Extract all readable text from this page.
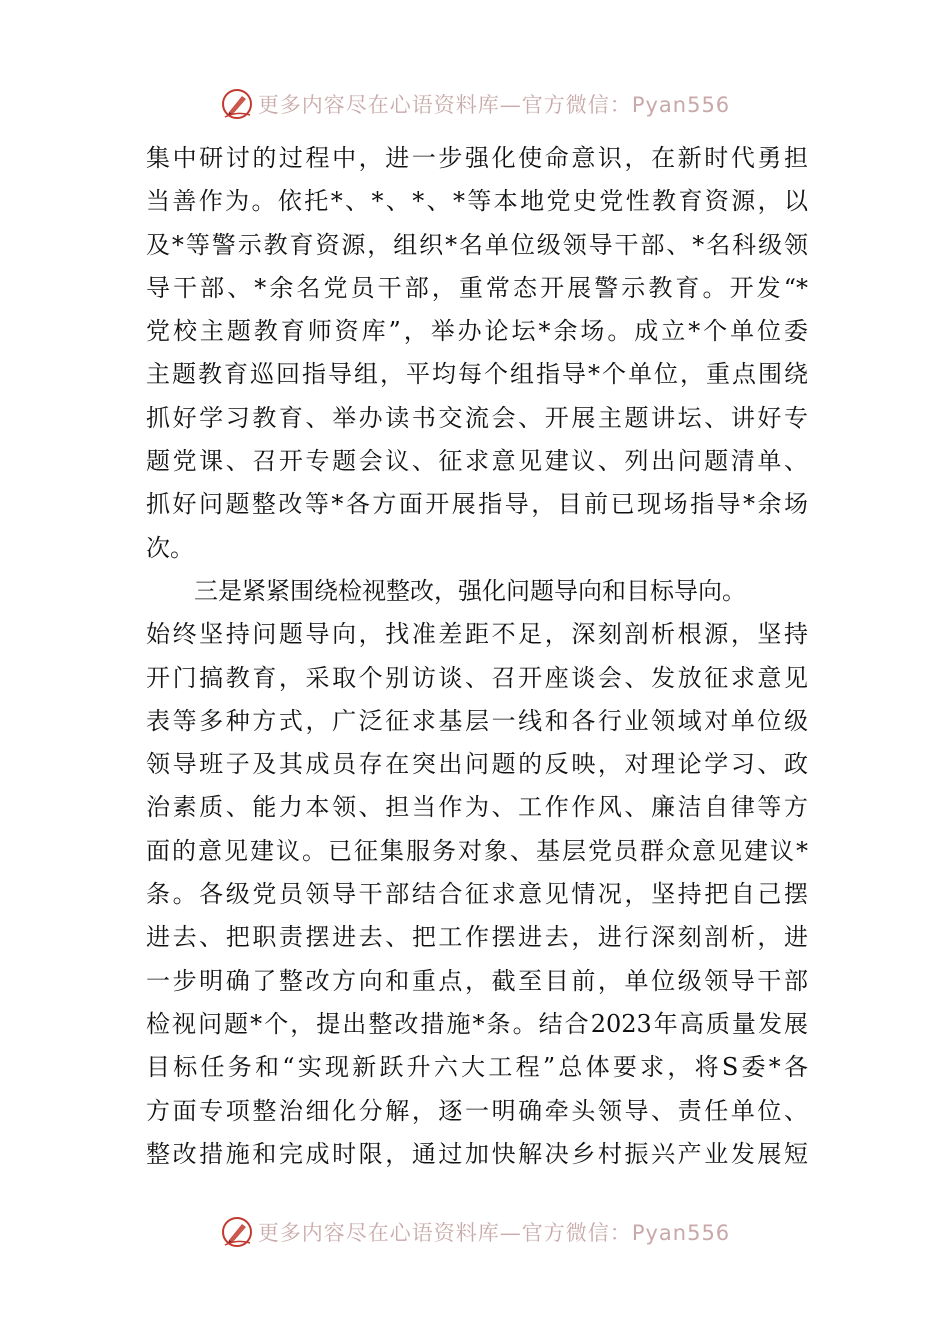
更多内容尽在心语资料库—官方微信：Pyan556
集中研讨的过程中，进一步强化使命意识，在新时代勇担
当善作为。依托*、*、*、*等本地党史党性教育资源，以
及*等警示教育资源，组织*名单位级领导干部、*名科级领
导干部、*余名党员干部，重常态开展警示教育。开发“*
党校主题教育师资库”，举办论坛*余场。成立*个单位委
主题教育巡回指导组，平均每个组指导*个单位，重点围绕
抓好学习教育、举办读书交流会、开展主题讲坛、讲好专
题党课、召开专题会议、征求意见建议、列出问题清单、
抓好问题整改等*各方面开展指导，目前已现场指导*余场
次。
三是紧紧围绕检视整改，强化问题导向和目标导向。
始终坚持问题导向，找准差距不足，深刻剖析根源，坚持
开门搞教育，采取个别访谈、召开座谈会、发放征求意见
表等多种方式，广泛征求基层一线和各行业领域对单位级
领导班子及其成员存在突出问题的反映，对理论学习、政
治素质、能力本领、担当作为、工作作风、廉洁自律等方
面的意见建议。已征集服务对象、基层党员群众意见建议*
条。各级党员领导干部结合征求意见情况，坚持把自己摆
进去、把职责摆进去、把工作摆进去，进行深刻剖析，进
一步明确了整改方向和重点，截至目前，单位级领导干部
检视问题*个，提出整改措施*条。结合2023年高质量发展
目标任务和“实现新跃升六大工程”总体要求，将S委*各
方面专项整治细化分解，逐一明确牵头领导、责任单位、
整改措施和完成时限，通过加快解决乡村振兴产业发展短
更多内容尽在心语资料库—官方微信：Pyan556
